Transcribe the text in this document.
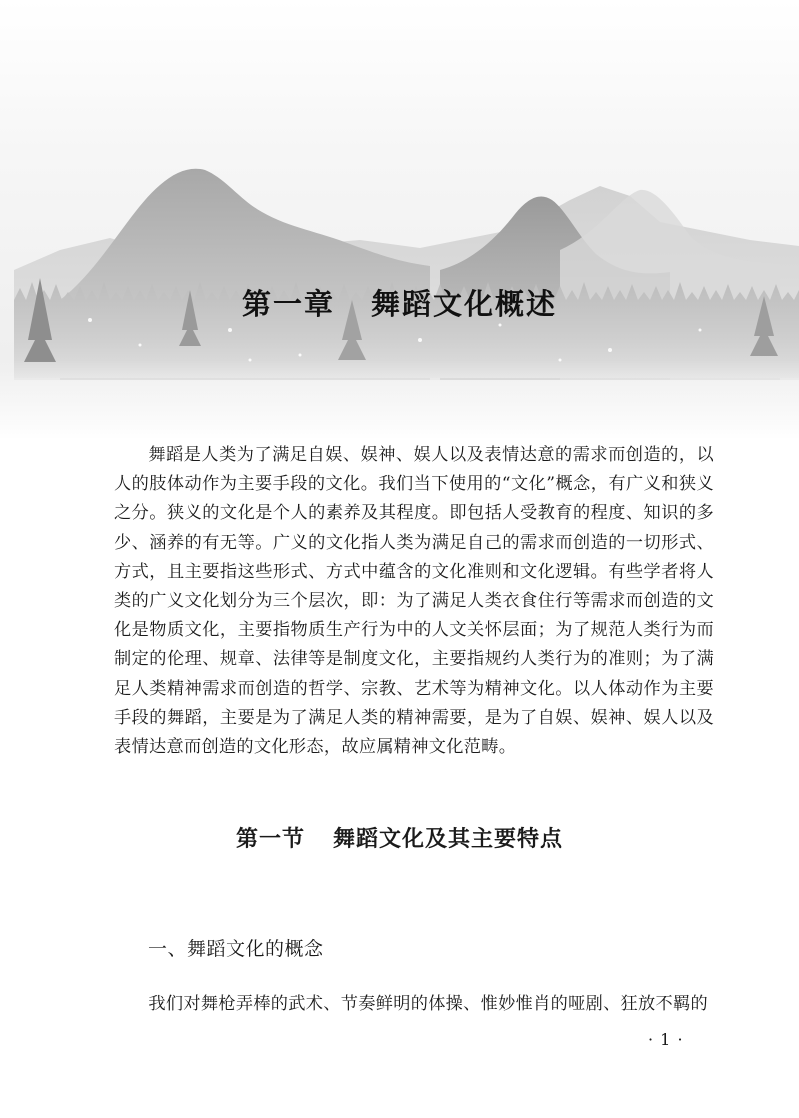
第一章 舞蹈文化概述

舞蹈是人类为了满足自娱、娱神、娱人以及表情达意的需求而创造的，以人的肢体动作为主要手段的文化。我们当下使用的“文化”概念，有广义和狭义之分。狭义的文化是个人的素养及其程度。即包括人受教育的程度、知识的多少、涵养的有无等。广义的文化指人类为满足自己的需求而创造的一切形式、方式，且主要指这些形式、方式中蕴含的文化准则和文化逻辑。有些学者将人类的广义文化划分为三个层次，即：为了满足人类衣食住行等需求而创造的文化是物质文化，主要指物质生产行为中的人文关怀层面；为了规范人类行为而制定的伦理、规章、法律等是制度文化，主要指规约人类行为的准则；为了满足人类精神需求而创造的哲学、宗教、艺术等为精神文化。以人体动作为主要手段的舞蹈，主要是为了满足人类的精神需要，是为了自娱、娱神、娱人以及表情达意而创造的文化形态，故应属精神文化范畴。

第一节 舞蹈文化及其主要特点
一、舞蹈文化的概念

我们对舞枪弄棒的武术、节奏鲜明的体操、惟妙惟肖的哑剧、狂放不羁的

· 1 ·
